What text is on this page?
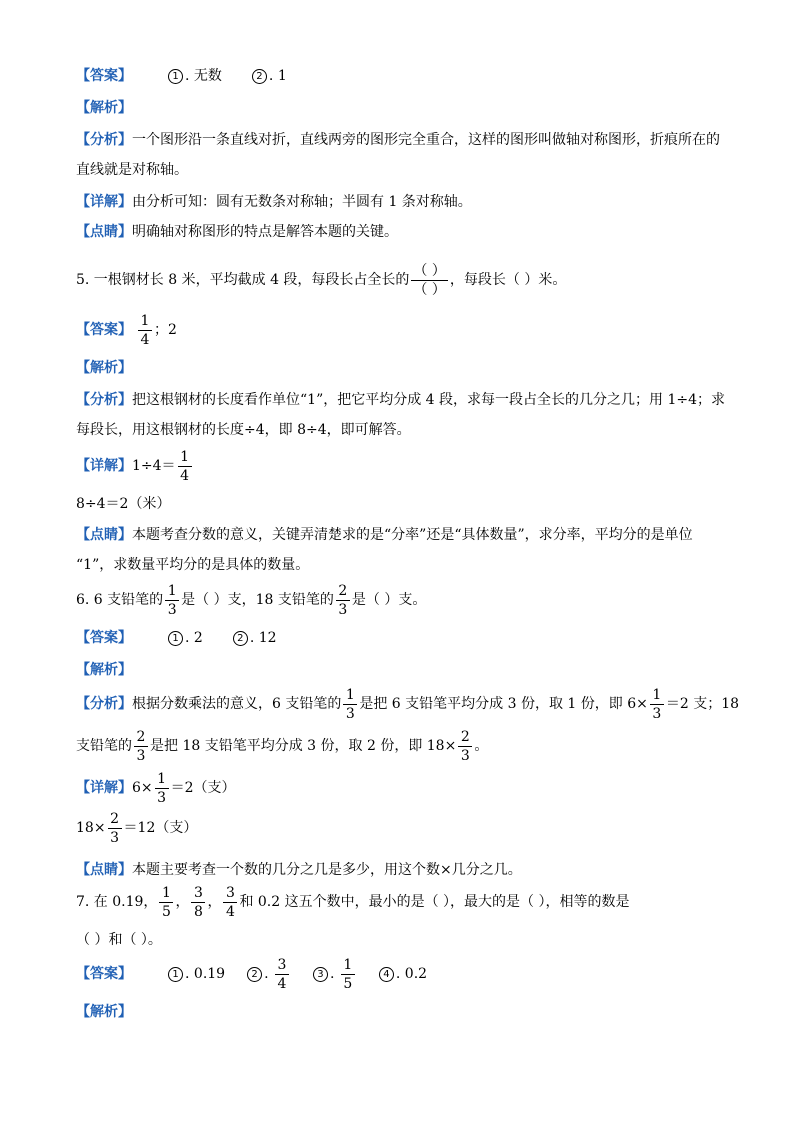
【答案】	1 . 无数	2 . 1
【解析】
【分析】一个图形沿一条直线对折，直线两旁的图形完全重合，这样的图形叫做轴对称图形，折痕所在的
直线就是对称轴。
【详解】由分析可知：圆有无数条对称轴；半圆有 1 条对称轴。
【点睛】明确轴对称图形的特点是解答本题的关键。
5. 一根钢材长 8 米，平均截成 4 段，每段长占全长的 $\frac{( )}{( )}$ ，每段长（ ）米。
【答案】 $\frac{1}{4}$ ；2
【解析】
【分析】把这根钢材的长度看作单位“1”，把它平均分成 4 段，求每一段占全长的几分之几；用 1÷4；求
每段长，用这根钢材的长度÷4，即 8÷4，即可解答。
【详解】$1\div 4= \frac{1}{4}$
8÷4＝2（米）
【点睛】本题考查分数的意义，关键弄清楚求的是“分率”还是“具体数量”，求分率，平均分的是单位
“1”，求数量平均分的是具体的数量。
6. 6 支铅笔的 $\frac{1}{3}$ 是（ ）支，18 支铅笔的 $\frac{2}{3}$ 是（ ）支。
【答案】	1 . 2	2 . 12
【解析】
【分析】根据分数乘法的意义，6 支铅笔的 $\frac{1}{3}$ 是把 6 支铅笔平均分成 3 份，取 1 份，即 $6\times \frac{1}{3} =2$ 支；18
支铅笔的 $\frac{2}{3}$ 是把 18 支铅笔平均分成 3 份，取 2 份，即 $18\times \frac{2}{3}$ 。
【详解】$6\times \frac{1}{3} =2$（支）
$18\times \frac{2}{3} =12$（支）
【点睛】本题主要考查一个数的几分之几是多少，用这个数×几分之几。
7. 在 0.19， $\frac{1}{5}$ ， $\frac{3}{8}$ ， $\frac{3}{4}$ 和 0.2 这五个数中，最小的是（ ），最大的是（ ），相等的数是
（ ）和（ ）。
【答案】	1 . 0.19	2 . $\frac{3}{4}$	3 . $\frac{1}{5}$	4 . 0.2
【解析】
